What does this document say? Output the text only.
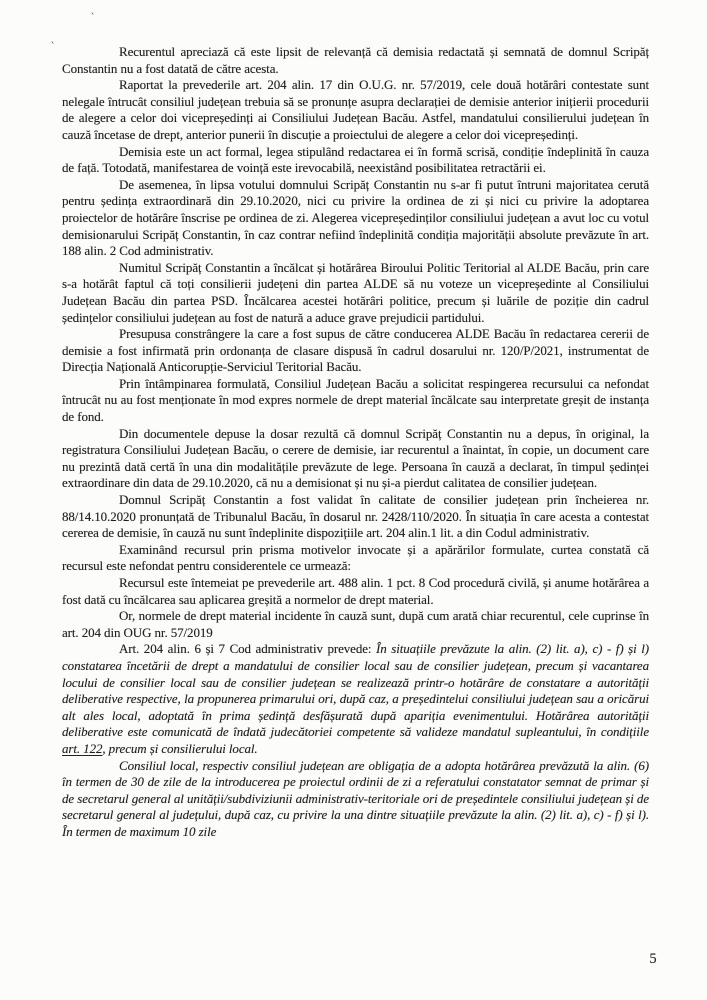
`
`	Recurentul apreciază că este lipsit de relevanță că demisia redactată și semnată de domnul Scripăț Constantin nu a fost datată de către acesta.

Raportat la prevederile art. 204 alin. 17 din O.U.G. nr. 57/2019, cele două hotărâri contestate sunt nelegale întrucât consiliul județean trebuia să se pronunțe asupra declarației de demisie anterior inițierii procedurii de alegere a celor doi vicepreședinți ai Consiliului Județean Bacău. Astfel, mandatului consilierului județean în cauză încetase de drept, anterior punerii în discuție a proiectului de alegere a celor doi vicepreședinți.

Demisia este un act formal, legea stipulând redactarea ei în formă scrisă, condiție îndeplinită în cauza de față. Totodată, manifestarea de voință este irevocabilă, neexistând posibilitatea retractării ei.

De asemenea, în lipsa votului domnului Scripăț Constantin nu s-ar fi putut întruni majoritatea cerută pentru ședința extraordinară din 29.10.2020, nici cu privire la ordinea de zi și nici cu privire la adoptarea proiectelor de hotărâre înscrise pe ordinea de zi. Alegerea vicepreședinților consiliului județean a avut loc cu votul demisionarului Scripăț Constantin, în caz contrar nefiind îndeplinită condiția majorității absolute prevăzute în art. 188 alin. 2 Cod administrativ.

Numitul Scripăț Constantin a încălcat și hotărârea Biroului Politic Teritorial al ALDE Bacău, prin care s-a hotărât faptul că toți consilierii județeni din partea ALDE să nu voteze un vicepreședinte al Consiliului Județean Bacău din partea PSD. Încălcarea acestei hotărâri politice, precum și luările de poziție din cadrul ședințelor consiliului județean au fost de natură a aduce grave prejudicii partidului.

Presupusa constrângere la care a fost supus de către conducerea ALDE Bacău în redactarea cererii de demisie a fost infirmată prin ordonanța de clasare dispusă în cadrul dosarului nr. 120/P/2021, instrumentat de Direcția Națională Anticorupție-Serviciul Teritorial Bacău.

Prin întâmpinarea formulată, Consiliul Județean Bacău a solicitat respingerea recursului ca nefondat întrucât nu au fost menționate în mod expres normele de drept material încălcate sau interpretate greșit de instanța de fond.

Din documentele depuse la dosar rezultă că domnul Scripăț Constantin nu a depus, în original, la registratura Consiliului Județean Bacău, o cerere de demisie, iar recurentul a înaintat, în copie, un document care nu prezintă dată certă în una din modalitățile prevăzute de lege. Persoana în cauză a declarat, în timpul ședinței extraordinare din data de 29.10.2020, că nu a demisionat și nu și-a pierdut calitatea de consilier județean.

Domnul Scripăț Constantin a fost validat în calitate de consilier județean prin încheierea nr. 88/14.10.2020 pronunțată de Tribunalul Bacău, în dosarul nr. 2428/110/2020. În situația în care acesta a contestat cererea de demisie, în cauză nu sunt îndeplinite dispozițiile art. 204 alin.1 lit. a din Codul administrativ.

Examinând recursul prin prisma motivelor invocate și a apărărilor formulate, curtea constată că recursul este nefondat pentru considerentele ce urmează:

Recursul este întemeiat pe prevederile art. 488 alin. 1 pct. 8 Cod procedură civilă, și anume hotărârea a fost dată cu încălcarea sau aplicarea greșită a normelor de drept material.

Or, normele de drept material incidente în cauză sunt, după cum arată chiar recurentul, cele cuprinse în art. 204 din OUG nr. 57/2019

Art. 204 alin. 6 și 7 Cod administrativ prevede: În situațiile prevăzute la alin. (2) lit. a), c) - f) și l) constatarea încetării de drept a mandatului de consilier local sau de consilier județean, precum și vacantarea locului de consilier local sau de consilier județean se realizează printr-o hotărâre de constatare a autorității deliberative respective, la propunerea primarului ori, după caz, a președintelui consiliului județean sau a oricărui alt ales local, adoptată în prima ședință desfășurată după apariția evenimentului. Hotărârea autorității deliberative este comunicată de îndată judecătoriei competente să valideze mandatul supleantului, în condițiile art. 122, precum și consilierului local.

Consiliul local, respectiv consiliul județean are obligația de a adopta hotărârea prevăzută la alin. (6) în termen de 30 de zile de la introducerea pe proiectul ordinii de zi a referatului constatator semnat de primar și de secretarul general al unității/subdiviziunii administrativ-teritoriale ori de președintele consiliului județean și de secretarul general al județului, după caz, cu privire la una dintre situațiile prevăzute la alin. (2) lit. a), c) - f) și l). În termen de maximum 10 zile

5
